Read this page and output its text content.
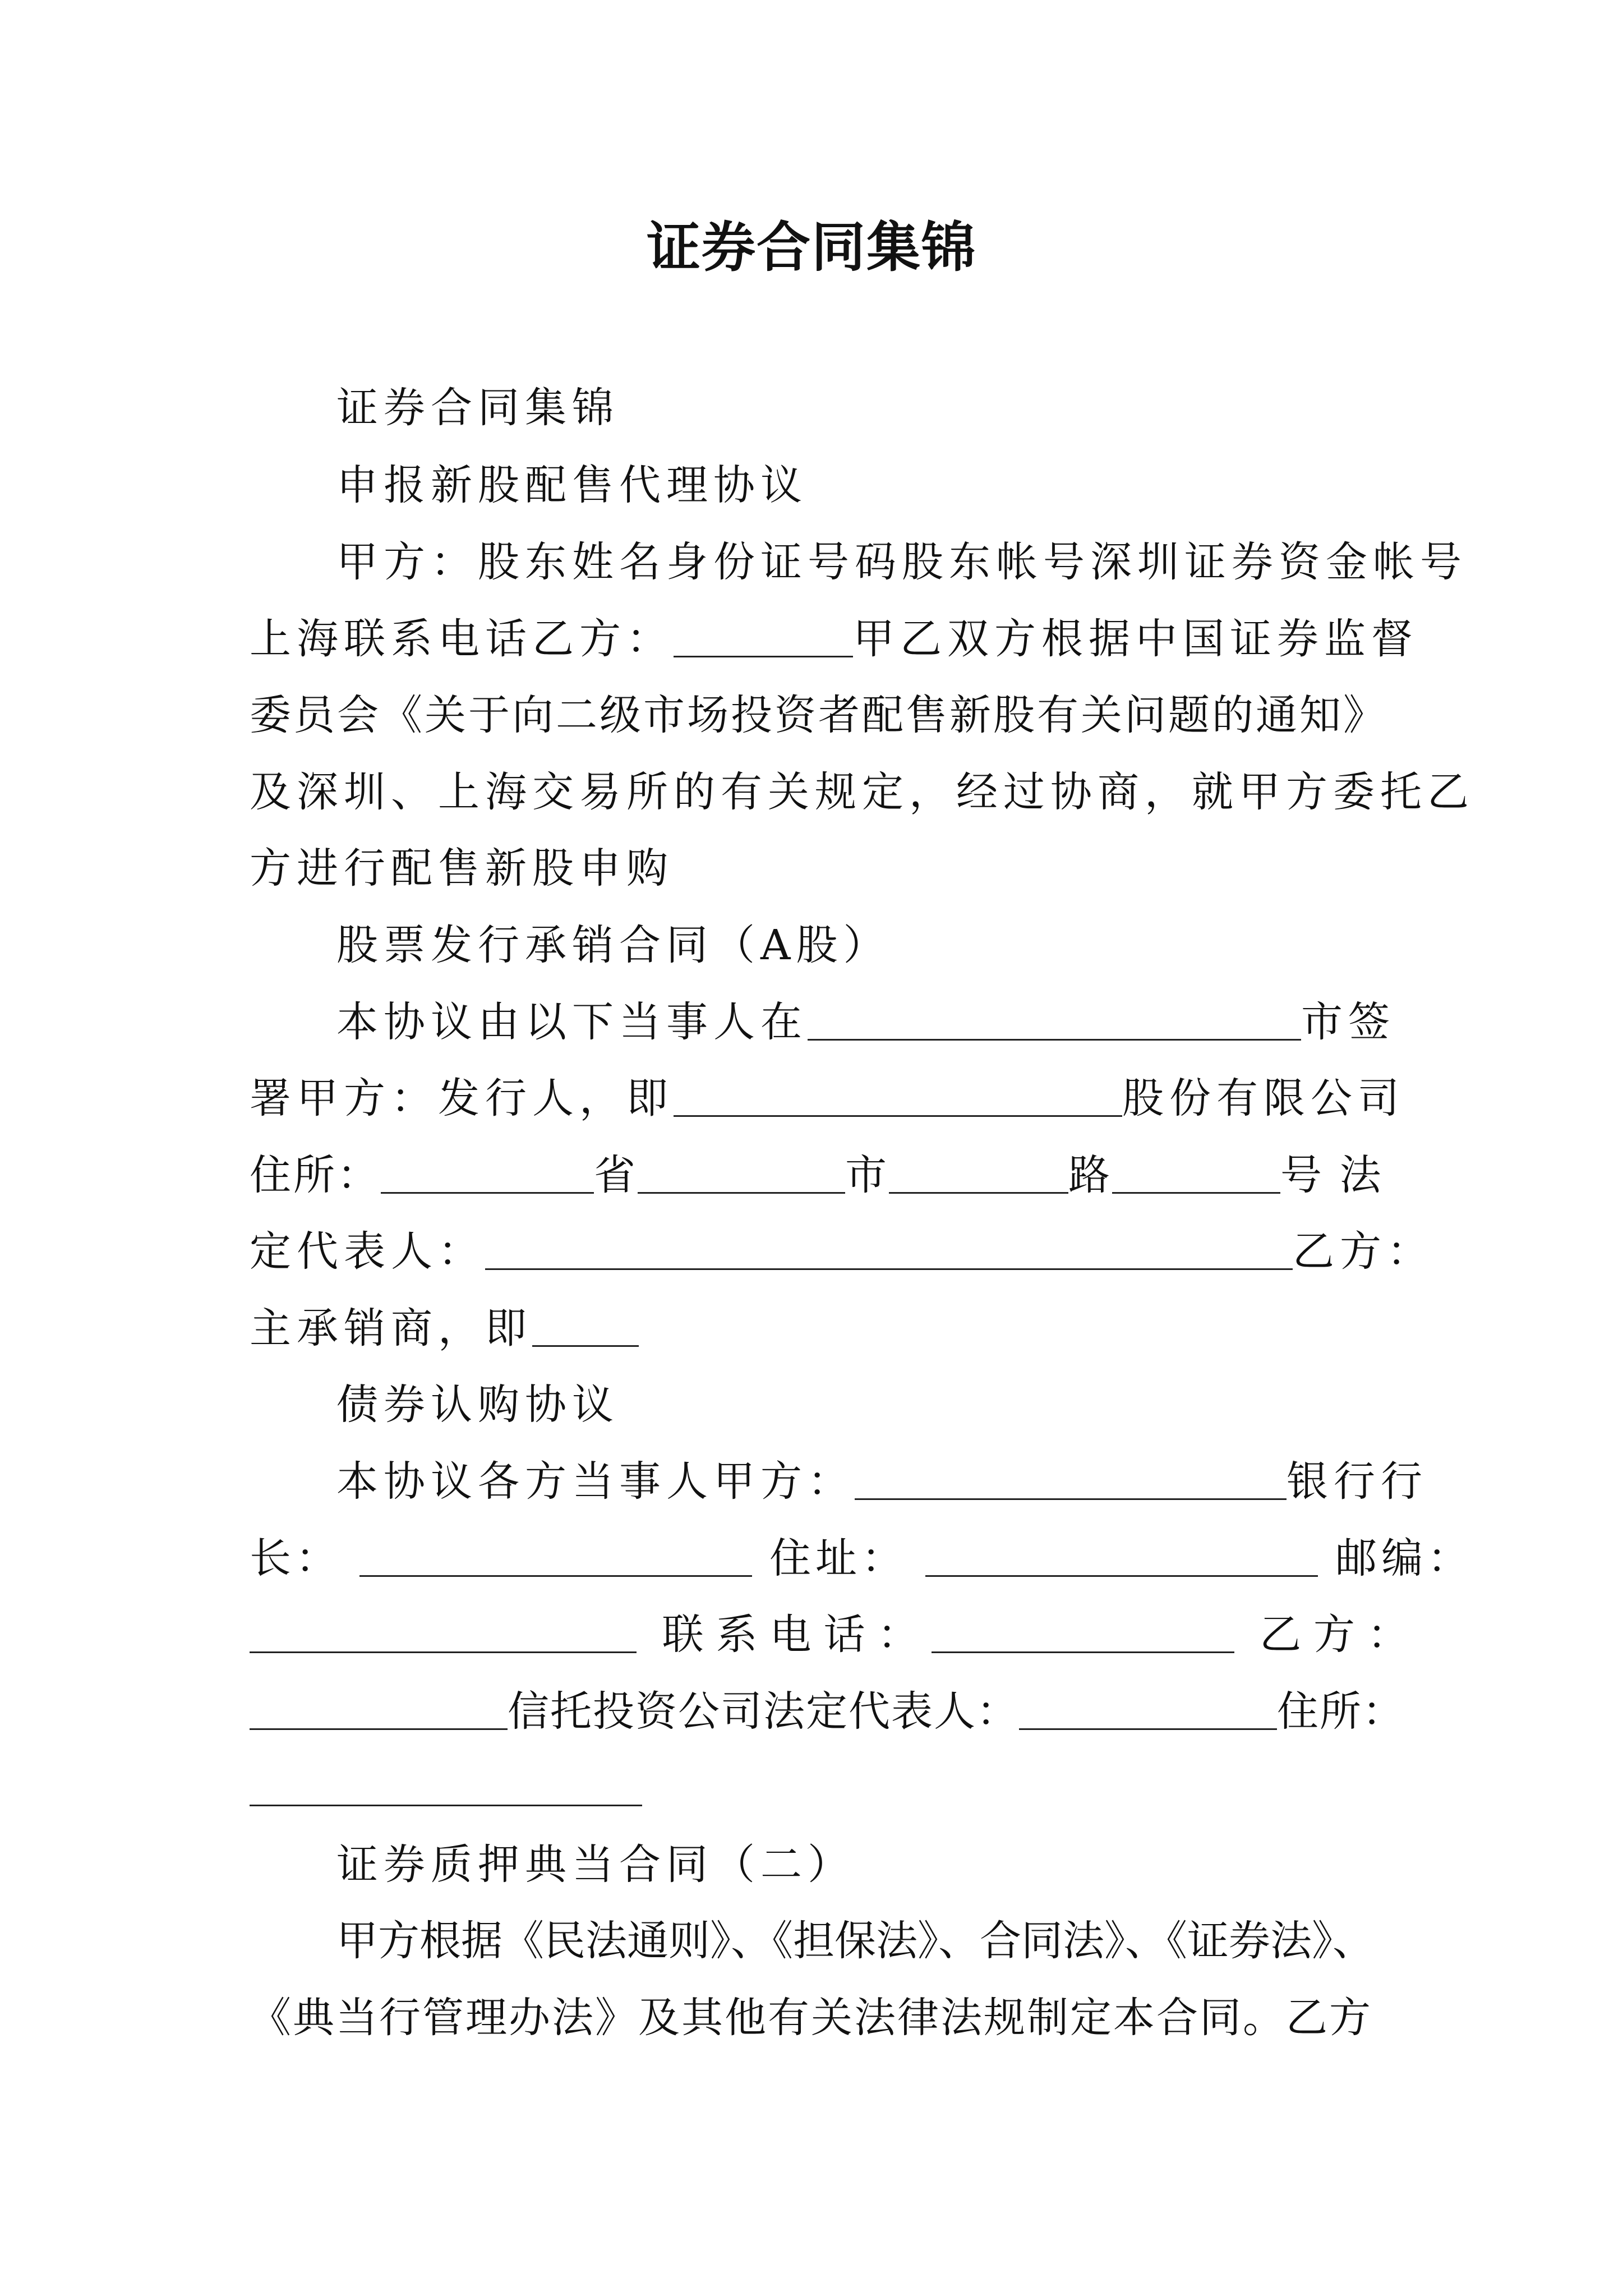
证券合同集锦
证券合同集锦
申报新股配售代理协议
甲方：股东姓名身份证号码股东帐号深圳证券资金帐号
上海联系电话乙方：	甲乙双方根据中国证券监督
委员会《关于向二级市场投资者配售新股有关问题的通知》
及深圳、上海交易所的有关规定，经过协商，就甲方委托乙
方进行配售新股申购
股票发行承销合同（A股）
本协议由以下当事人在	市签
署甲方：发行人，即	股份有限公司
住所：	省	市	路	号 法
定代表人：	乙方：
主承销商，即
债券认购协议
本协议各方当事人甲方：	银行行
长：	住址：	邮编：
联系电话：	乙方：
信托投资公司法定代表人：	住所：
证券质押典当合同（二）
甲方根据《民法通则》、《担保法》、合同法》、《证券法》、
《典当行管理办法》及其他有关法律法规制定本合同。乙方
